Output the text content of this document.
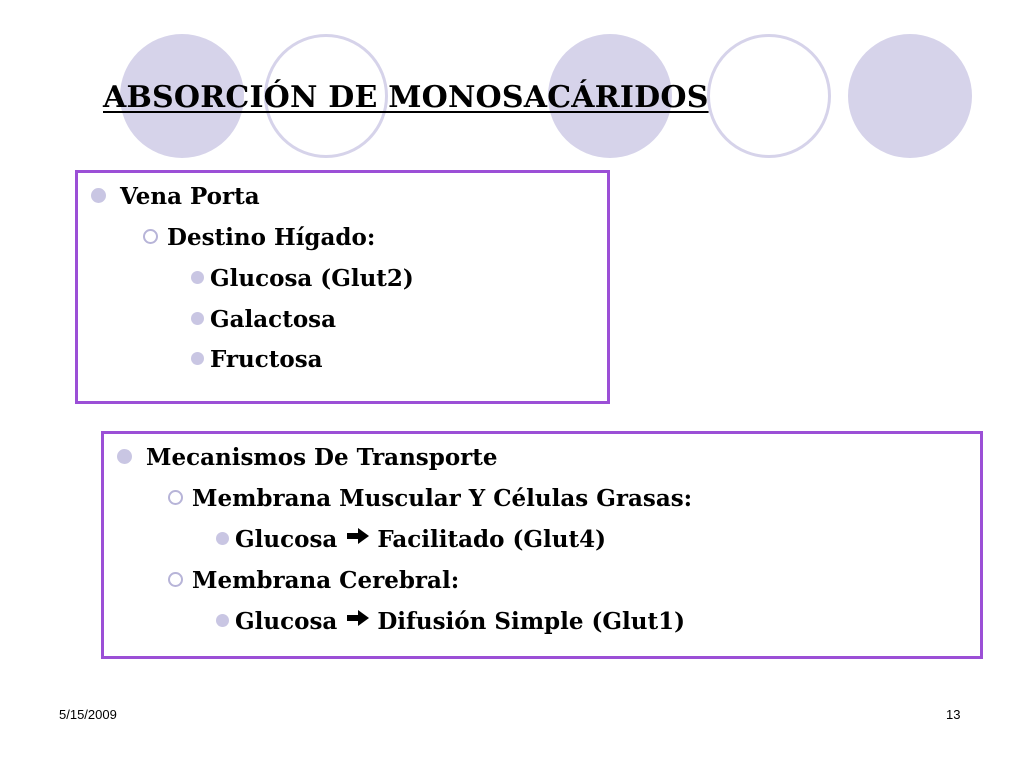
ABSORCIÓN DE MONOSACÁRIDOS
Vena Porta
Destino Hígado:
Glucosa (Glut2)
Galactosa
Fructosa
Mecanismos De Transporte
Membrana Muscular Y Células Grasas:
Glucosa Facilitado (Glut4)
Membrana Cerebral:
Glucosa Difusión Simple (Glut1)
5/15/2009	13
